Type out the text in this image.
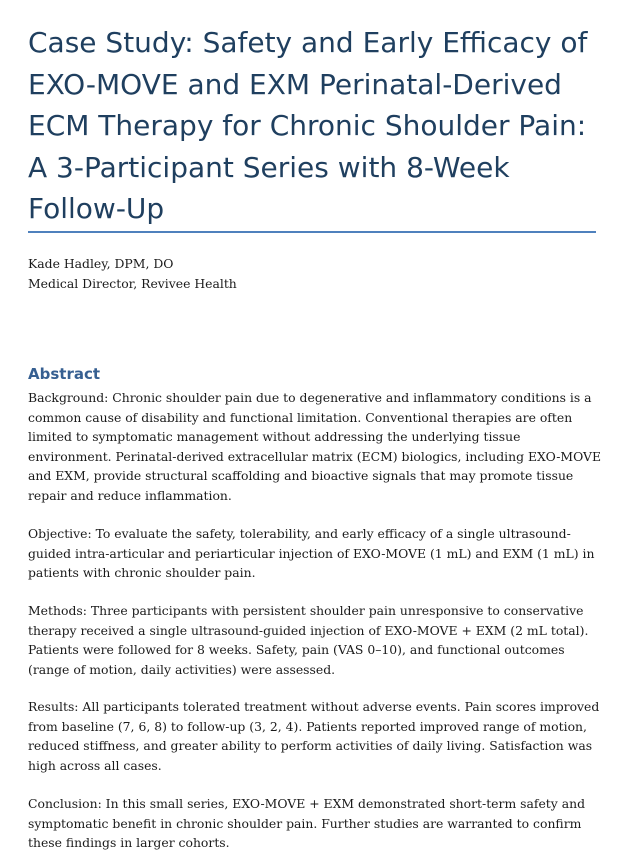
Case Study: Safety and Early Efficacy of
EXO-MOVE and EXM Perinatal-Derived
ECM Therapy for Chronic Shoulder Pain:
A 3-Participant Series with 8-Week
Follow-Up
Kade Hadley, DPM, DO
Medical Director, Revivee Health
Abstract
Background: Chronic shoulder pain due to degenerative and inflammatory conditions is a
common cause of disability and functional limitation. Conventional therapies are often
limited to symptomatic management without addressing the underlying tissue
environment. Perinatal-derived extracellular matrix (ECM) biologics, including EXO-MOVE
and EXM, provide structural scaffolding and bioactive signals that may promote tissue
repair and reduce inflammation.
Objective: To evaluate the safety, tolerability, and early efficacy of a single ultrasound-
guided intra-articular and periarticular injection of EXO-MOVE (1 mL) and EXM (1 mL) in
patients with chronic shoulder pain.
Methods: Three participants with persistent shoulder pain unresponsive to conservative
therapy received a single ultrasound-guided injection of EXO-MOVE + EXM (2 mL total).
Patients were followed for 8 weeks. Safety, pain (VAS 0–10), and functional outcomes
(range of motion, daily activities) were assessed.
Results: All participants tolerated treatment without adverse events. Pain scores improved
from baseline (7, 6, 8) to follow-up (3, 2, 4). Patients reported improved range of motion,
reduced stiffness, and greater ability to perform activities of daily living. Satisfaction was
high across all cases.
Conclusion: In this small series, EXO-MOVE + EXM demonstrated short-term safety and
symptomatic benefit in chronic shoulder pain. Further studies are warranted to confirm
these findings in larger cohorts.
